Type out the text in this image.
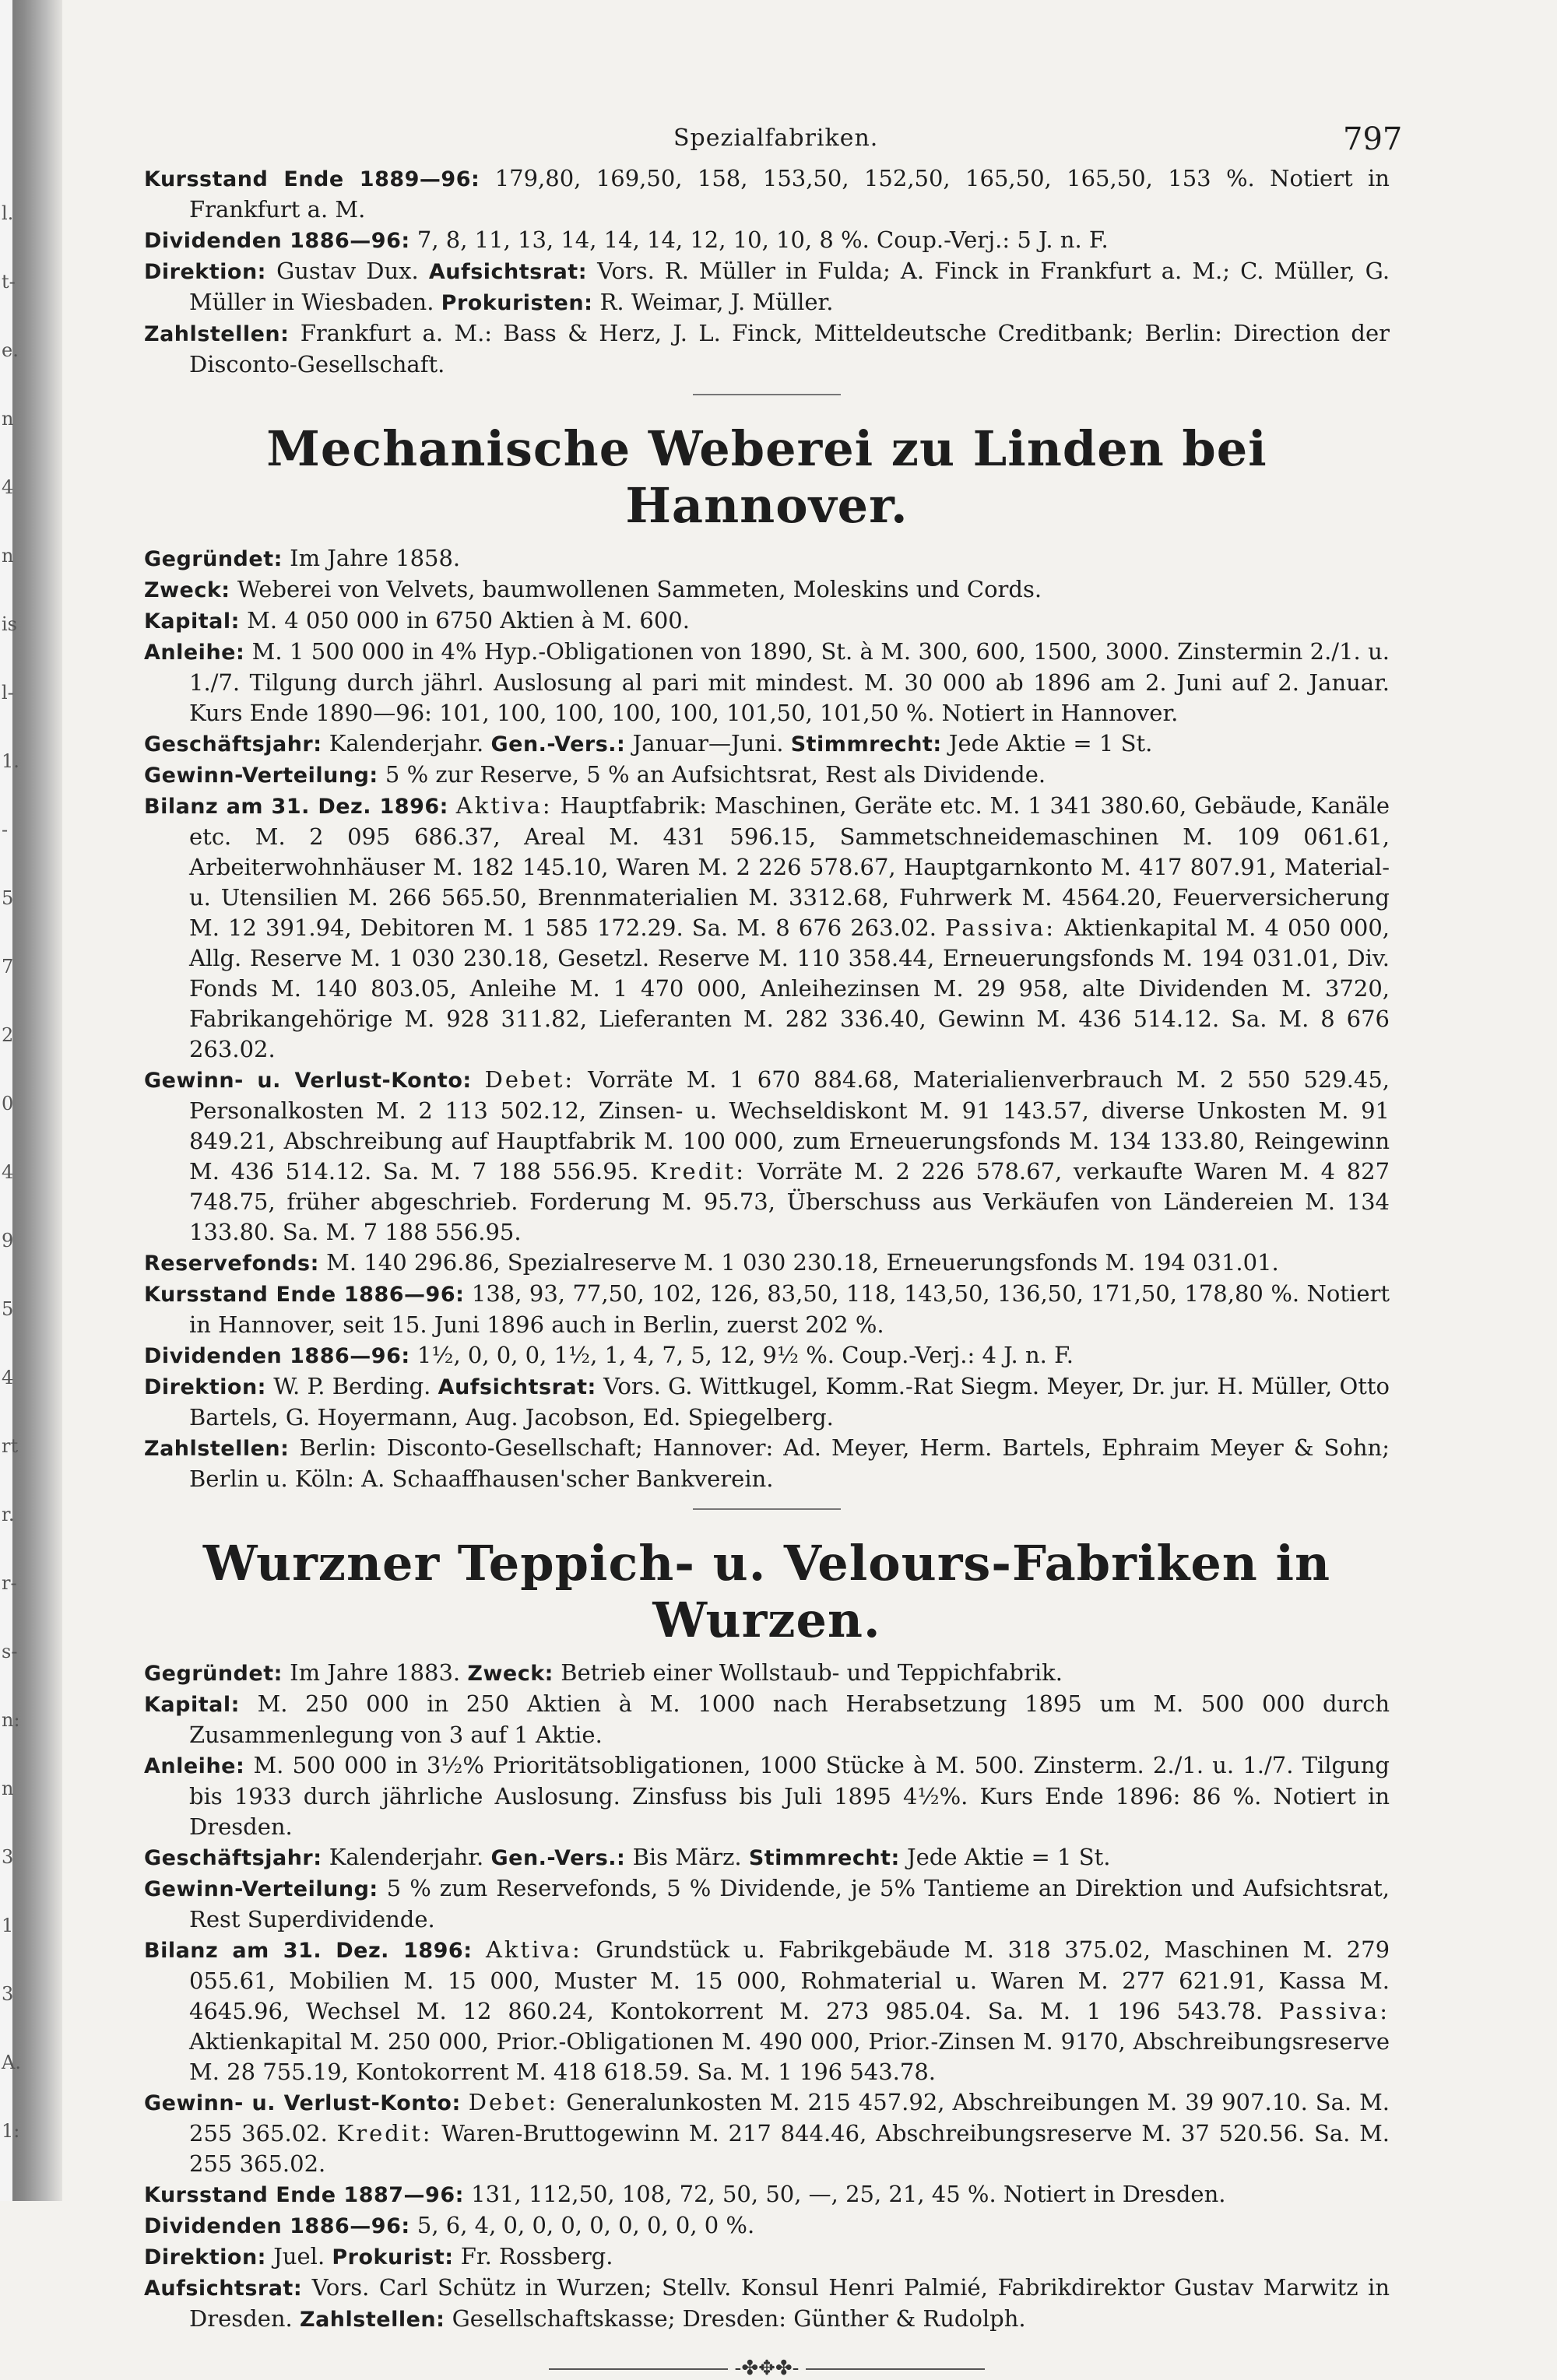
l.
t-
e.
n
4
n
is
l-
1.
-
5
7
2
0
4
9
5
4
rt
r.
r-
s-
n:
n
3
1
3
A.
1:
Spezialfabriken.	797

Kursstand Ende 1889—96: 179,80, 169,50, 158, 153,50, 152,50, 165,50, 165,50, 153 %. Notiert in Frankfurt a. M.

Dividenden 1886—96: 7, 8, 11, 13, 14, 14, 14, 12, 10, 10, 8 %. Coup.-Verj.: 5 J. n. F.

Direktion: Gustav Dux. Aufsichtsrat: Vors. R. Müller in Fulda; A. Finck in Frankfurt a. M.; C. Müller, G. Müller in Wiesbaden. Prokuristen: R. Weimar, J. Müller.

Zahlstellen: Frankfurt a. M.: Bass & Herz, J. L. Finck, Mitteldeutsche Creditbank; Berlin: Direction der Disconto-Gesellschaft.

Mechanische Weberei zu Linden bei Hannover.

Gegründet: Im Jahre 1858.

Zweck: Weberei von Velvets, baumwollenen Sammeten, Moleskins und Cords.

Kapital: M. 4 050 000 in 6750 Aktien à M. 600.

Anleihe: M. 1 500 000 in 4% Hyp.-Obligationen von 1890, St. à M. 300, 600, 1500, 3000. Zinstermin 2./1. u. 1./7. Tilgung durch jährl. Auslosung al pari mit mindest. M. 30 000 ab 1896 am 2. Juni auf 2. Januar. Kurs Ende 1890—96: 101, 100, 100, 100, 100, 101,50, 101,50 %. Notiert in Hannover.

Geschäftsjahr: Kalenderjahr. Gen.-Vers.: Januar—Juni. Stimmrecht: Jede Aktie = 1 St.

Gewinn-Verteilung: 5 % zur Reserve, 5 % an Aufsichtsrat, Rest als Dividende.

Bilanz am 31. Dez. 1896: Aktiva: Hauptfabrik: Maschinen, Geräte etc. M. 1 341 380.60, Gebäude, Kanäle etc. M. 2 095 686.37, Areal M. 431 596.15, Sammetschneidemaschinen M. 109 061.61, Arbeiterwohnhäuser M. 182 145.10, Waren M. 2 226 578.67, Hauptgarnkonto M. 417 807.91, Material- u. Utensilien M. 266 565.50, Brennmaterialien M. 3312.68, Fuhrwerk M. 4564.20, Feuerversicherung M. 12 391.94, Debitoren M. 1 585 172.29. Sa. M. 8 676 263.02. Passiva: Aktienkapital M. 4 050 000, Allg. Reserve M. 1 030 230.18, Gesetzl. Reserve M. 110 358.44, Erneuerungsfonds M. 194 031.01, Div. Fonds M. 140 803.05, Anleihe M. 1 470 000, Anleihezinsen M. 29 958, alte Dividenden M. 3720, Fabrikangehörige M. 928 311.82, Lieferanten M. 282 336.40, Gewinn M. 436 514.12. Sa. M. 8 676 263.02.

Gewinn- u. Verlust-Konto: Debet: Vorräte M. 1 670 884.68, Materialienverbrauch M. 2 550 529.45, Personalkosten M. 2 113 502.12, Zinsen- u. Wechseldiskont M. 91 143.57, diverse Unkosten M. 91 849.21, Abschreibung auf Hauptfabrik M. 100 000, zum Erneuerungsfonds M. 134 133.80, Reingewinn M. 436 514.12. Sa. M. 7 188 556.95. Kredit: Vorräte M. 2 226 578.67, verkaufte Waren M. 4 827 748.75, früher abgeschrieb. Forderung M. 95.73, Überschuss aus Verkäufen von Ländereien M. 134 133.80. Sa. M. 7 188 556.95.

Reservefonds: M. 140 296.86, Spezialreserve M. 1 030 230.18, Erneuerungsfonds M. 194 031.01.

Kursstand Ende 1886—96: 138, 93, 77,50, 102, 126, 83,50, 118, 143,50, 136,50, 171,50, 178,80 %. Notiert in Hannover, seit 15. Juni 1896 auch in Berlin, zuerst 202 %.

Dividenden 1886—96: 1½, 0, 0, 0, 1½, 1, 4, 7, 5, 12, 9½ %. Coup.-Verj.: 4 J. n. F.

Direktion: W. P. Berding. Aufsichtsrat: Vors. G. Wittkugel, Komm.-Rat Siegm. Meyer, Dr. jur. H. Müller, Otto Bartels, G. Hoyermann, Aug. Jacobson, Ed. Spiegelberg.

Zahlstellen: Berlin: Disconto-Gesellschaft; Hannover: Ad. Meyer, Herm. Bartels, Ephraim Meyer & Sohn; Berlin u. Köln: A. Schaaffhausen'scher Bankverein.

Wurzner Teppich- u. Velours-Fabriken in Wurzen.

Gegründet: Im Jahre 1883. Zweck: Betrieb einer Wollstaub- und Teppichfabrik.

Kapital: M. 250 000 in 250 Aktien à M. 1000 nach Herabsetzung 1895 um M. 500 000 durch Zusammenlegung von 3 auf 1 Aktie.

Anleihe: M. 500 000 in 3½% Prioritätsobligationen, 1000 Stücke à M. 500. Zinsterm. 2./1. u. 1./7. Tilgung bis 1933 durch jährliche Auslosung. Zinsfuss bis Juli 1895 4½%. Kurs Ende 1896: 86 %. Notiert in Dresden.

Geschäftsjahr: Kalenderjahr. Gen.-Vers.: Bis März. Stimmrecht: Jede Aktie = 1 St.

Gewinn-Verteilung: 5 % zum Reservefonds, 5 % Dividende, je 5% Tantieme an Direktion und Aufsichtsrat, Rest Superdividende.

Bilanz am 31. Dez. 1896: Aktiva: Grundstück u. Fabrikgebäude M. 318 375.02, Maschinen M. 279 055.61, Mobilien M. 15 000, Muster M. 15 000, Rohmaterial u. Waren M. 277 621.91, Kassa M. 4645.96, Wechsel M. 12 860.24, Kontokorrent M. 273 985.04. Sa. M. 1 196 543.78. Passiva: Aktienkapital M. 250 000, Prior.-Obligationen M. 490 000, Prior.-Zinsen M. 9170, Abschreibungsreserve M. 28 755.19, Kontokorrent M. 418 618.59. Sa. M. 1 196 543.78.

Gewinn- u. Verlust-Konto: Debet: Generalunkosten M. 215 457.92, Abschreibungen M. 39 907.10. Sa. M. 255 365.02. Kredit: Waren-Bruttogewinn M. 217 844.46, Abschreibungsreserve M. 37 520.56. Sa. M. 255 365.02.

Kursstand Ende 1887—96: 131, 112,50, 108, 72, 50, 50, —, 25, 21, 45 %. Notiert in Dresden.

Dividenden 1886—96: 5, 6, 4, 0, 0, 0, 0, 0, 0, 0, 0 %.

Direktion: Juel. Prokurist: Fr. Rossberg.

Aufsichtsrat: Vors. Carl Schütz in Wurzen; Stellv. Konsul Henri Palmié, Fabrikdirektor Gustav Marwitz in Dresden. Zahlstellen: Gesellschaftskasse; Dresden: Günther & Rudolph.

-✤✥✤-
